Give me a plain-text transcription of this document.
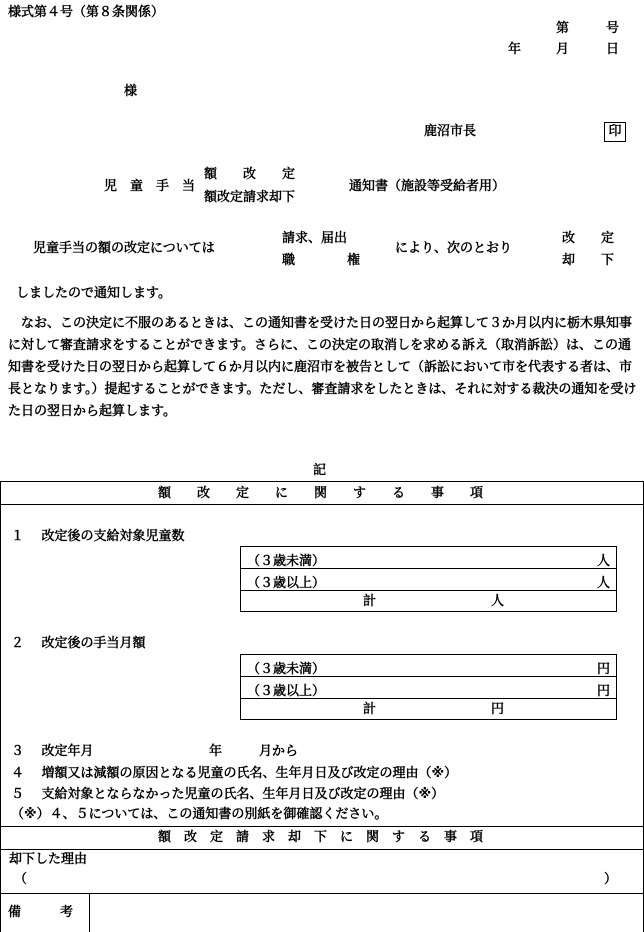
様式第４号（第８条関係）
第	号
年	月	日
様
鹿沼市長	印
児　童　手　当
額　　改　　定
額改定請求却下
通知書（施設等受給者用）
児童手当の額の改定については
請求、届出
職　　　　権
により、次のとおり
改　　定
却　　下
しましたので通知します。
　なお、この決定に不服のあるときは、この通知書を受けた日の翌日から起算して３か月以内に栃木県知事に対して審査請求をすることができます。さらに、この決定の取消しを求める訴え（取消訴訟）は、この通知書を受けた日の翌日から起算して６か月以内に鹿沼市を被告として（訴訟において市を代表する者は、市長となります。）提起することができます。ただし、審査請求をしたときは、それに対する裁決の通知を受けた日の翌日から起算します。
記
額　　改　　定　　に　　関　　す　　る　　事　　項
１　 改定後の支給対象児童数
（３歳未満）	人
（３歳以上）	人
計	人
２　 改定後の手当月額
（３歳未満）	円
（３歳以上）	円
計	円
３　 改定年月	年	月から
４　 増額又は減額の原因となる児童の氏名、生年月日及び改定の理由（※）
５　 支給対象とならなかった児童の氏名、生年月日及び改定の理由（※）
（※）４、５については、この通知書の別紙を御確認ください。
額　改　定　請　求　却　下　に　関　す　る　事　項
却下した理由
（	）
備　　　考
